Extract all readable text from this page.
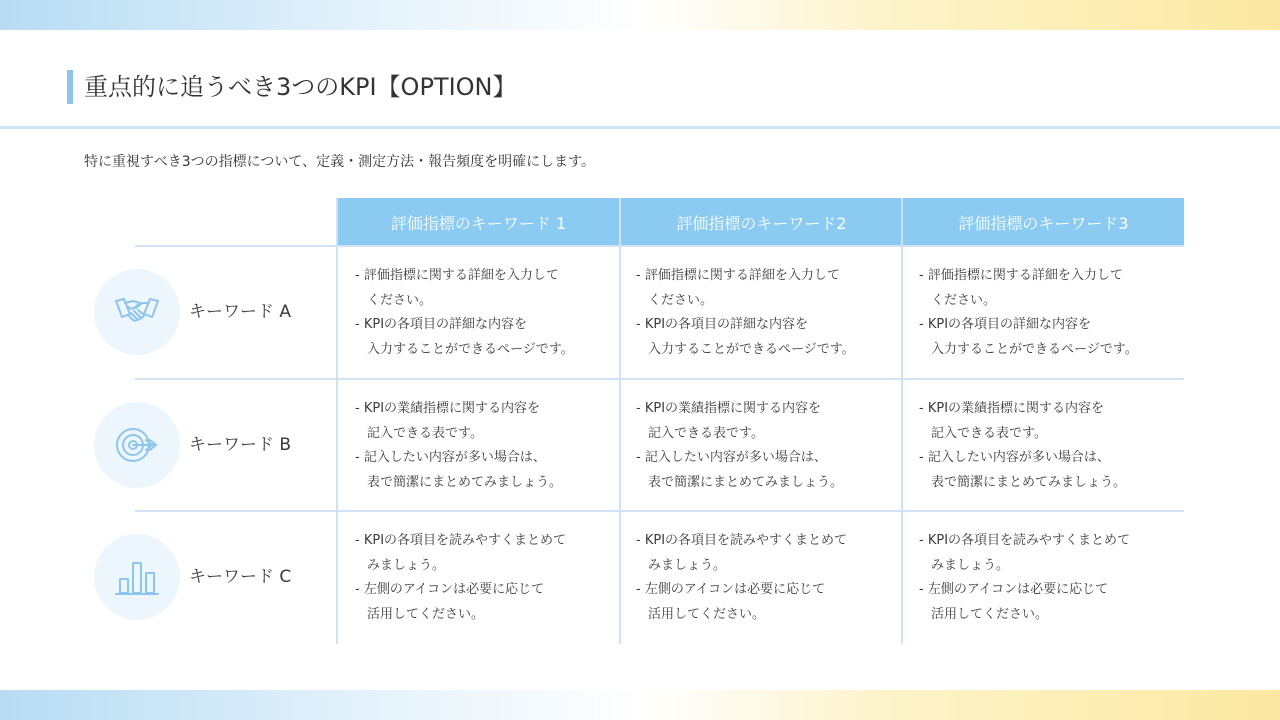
重点的に追うべき3つのKPI【OPTION】
特に重視すべき3つの指標について、定義・測定方法・報告頻度を明確にします。
評価指標のキーワード 1	評価指標のキーワード2	評価指標のキーワード3
キーワード A
- 評価指標に関する詳細を入力して
ください。
- KPIの各項目の詳細な内容を
入力することができるページです。
- 評価指標に関する詳細を入力して
ください。
- KPIの各項目の詳細な内容を
入力することができるページです。
- 評価指標に関する詳細を入力して
ください。
- KPIの各項目の詳細な内容を
入力することができるページです。
キーワード B
- KPIの業績指標に関する内容を
記入できる表です。
- 記入したい内容が多い場合は、
表で簡潔にまとめてみましょう。
- KPIの業績指標に関する内容を
記入できる表です。
- 記入したい内容が多い場合は、
表で簡潔にまとめてみましょう。
- KPIの業績指標に関する内容を
記入できる表です。
- 記入したい内容が多い場合は、
表で簡潔にまとめてみましょう。
キーワード C
- KPIの各項目を読みやすくまとめて
みましょう。
- 左側のアイコンは必要に応じて
活用してください。
- KPIの各項目を読みやすくまとめて
みましょう。
- 左側のアイコンは必要に応じて
活用してください。
- KPIの各項目を読みやすくまとめて
みましょう。
- 左側のアイコンは必要に応じて
活用してください。
